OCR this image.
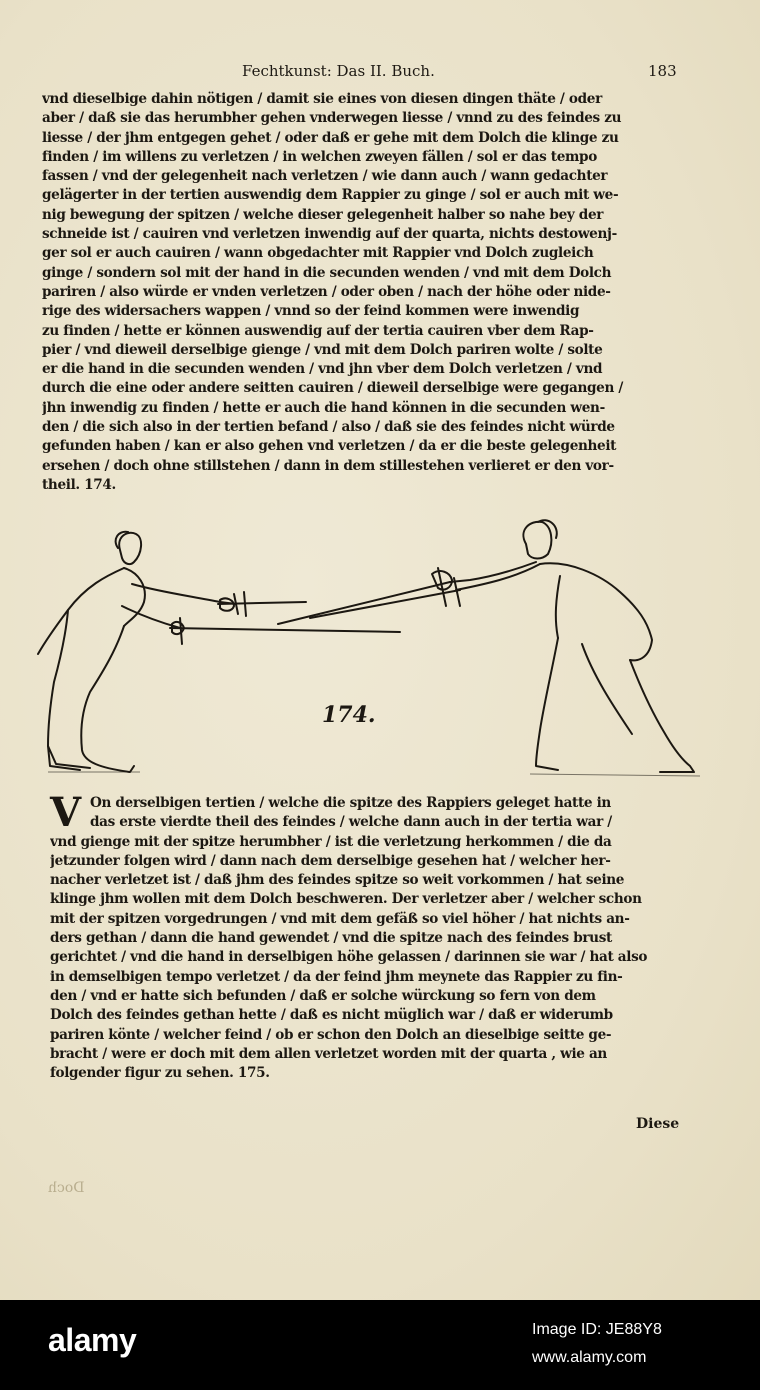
Fechtkunst: Das II. Buch.	183
vnd dieselbige dahin nötigen / damit sie eines von diesen dingen thäte / oder
aber / daß sie das herumbher gehen vnderwegen liesse / vnnd zu des feindes zu
liesse / der jhm entgegen gehet / oder daß er gehe mit dem Dolch die klinge zu
finden / im willens zu verletzen / in welchen zweyen fällen / sol er das tempo
fassen / vnd der gelegenheit nach verletzen / wie dann auch / wann gedachter
gelägerter in der tertien auswendig dem Rappier zu ginge / sol er auch mit we-
nig bewegung der spitzen / welche dieser gelegenheit halber so nahe bey der
schneide ist / cauiren vnd verletzen inwendig auf der quarta, nichts destowenj-
ger sol er auch cauiren / wann obgedachter mit Rappier vnd Dolch zugleich
ginge / sondern sol mit der hand in die secunden wenden / vnd mit dem Dolch
pariren / also würde er vnden verletzen / oder oben / nach der höhe oder nide-
rige des widersachers wappen / vnnd so der feind kommen were inwendig
zu finden / hette er können auswendig auf der tertia cauiren vber dem Rap-
pier / vnd dieweil derselbige gienge / vnd mit dem Dolch pariren wolte / solte
er die hand in die secunden wenden / vnd jhn vber dem Dolch verletzen / vnd
durch die eine oder andere seitten cauiren / dieweil derselbige were gegangen /
jhn inwendig zu finden / hette er auch die hand können in die secunden wen-
den / die sich also in der tertien befand / also / daß sie des feindes nicht würde
gefunden haben / kan er also gehen vnd verletzen / da er die beste gelegenheit
ersehen / doch ohne stillstehen / dann in dem stillestehen verlieret er den vor-
theil. 174.
174.
V On derselbigen tertien / welche die spitze des Rappiers geleget hatte in
das erste vierdte theil des feindes / welche dann auch in der tertia war /
vnd gienge mit der spitze herumbher / ist die verletzung herkommen / die da
jetzunder folgen wird / dann nach dem derselbige gesehen hat / welcher her-
nacher verletzet ist / daß jhm des feindes spitze so weit vorkommen / hat seine
klinge jhm wollen mit dem Dolch beschweren. Der verletzer aber / welcher schon
mit der spitzen vorgedrungen / vnd mit dem gefäß so viel höher / hat nichts an-
ders gethan / dann die hand gewendet / vnd die spitze nach des feindes brust
gerichtet / vnd die hand in derselbigen höhe gelassen / darinnen sie war / hat also
in demselbigen tempo verletzet / da der feind jhm meynete das Rappier zu fin-
den / vnd er hatte sich befunden / daß er solche würckung so fern von dem
Dolch des feindes gethan hette / daß es nicht müglich war / daß er widerumb
pariren könte / welcher feind / ob er schon den Dolch an dieselbige seitte ge-
bracht / were er doch mit dem allen verletzet worden mit der quarta , wie an
folgender figur zu sehen. 175.
Diese
Doch
alamy	Image ID: JE88Y8
www.alamy.com
